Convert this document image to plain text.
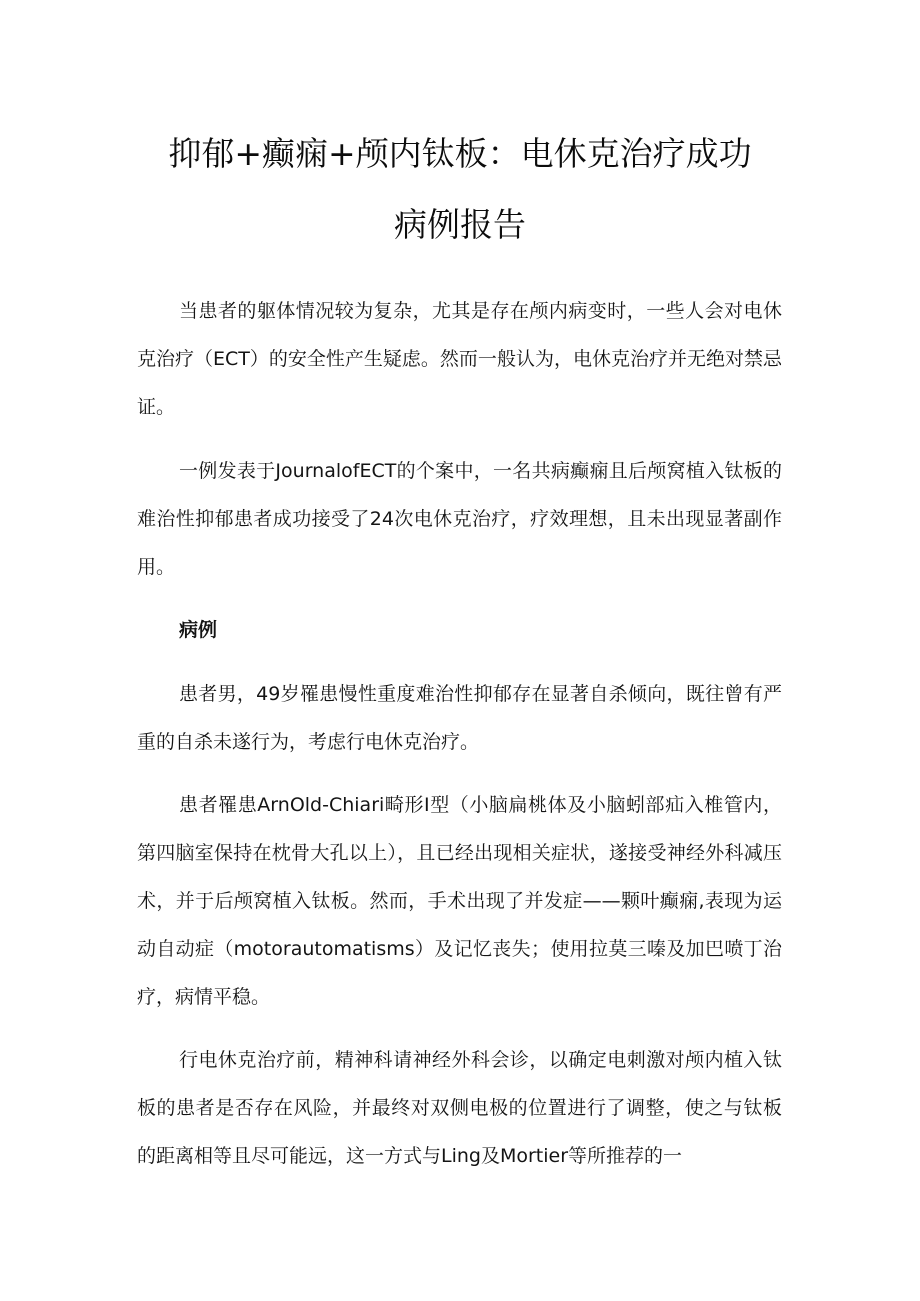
抑郁+癫痫+颅内钛板：电休克治疗成功
病例报告

当患者的躯体情况较为复杂，尤其是存在颅内病变时，一些人会对电休克治疗（ECT）的安全性产生疑虑。然而一般认为，电休克治疗并无绝对禁忌证。

一例发表于JournalofECT的个案中，一名共病癫痫且后颅窝植入钛板的难治性抑郁患者成功接受了24次电休克治疗，疗效理想，且未出现显著副作用。

病例

患者男，49岁罹患慢性重度难治性抑郁存在显著自杀倾向，既往曾有严重的自杀未遂行为，考虑行电休克治疗。

患者罹患ArnOld-Chiari畸形I型（小脑扁桃体及小脑蚓部疝入椎管内，第四脑室保持在枕骨大孔以上），且已经出现相关症状，遂接受神经外科减压术，并于后颅窝植入钛板。然而，手术出现了并发症——颗叶癫痫,表现为运动自动症（motorautomatisms）及记忆丧失；使用拉莫三嗪及加巴喷丁治疗，病情平稳。

行电休克治疗前，精神科请神经外科会诊，以确定电刺激对颅内植入钛板的患者是否存在风险，并最终对双侧电极的位置进行了调整，使之与钛板的距离相等且尽可能远，这一方式与Ling及Mortier等所推荐的一
